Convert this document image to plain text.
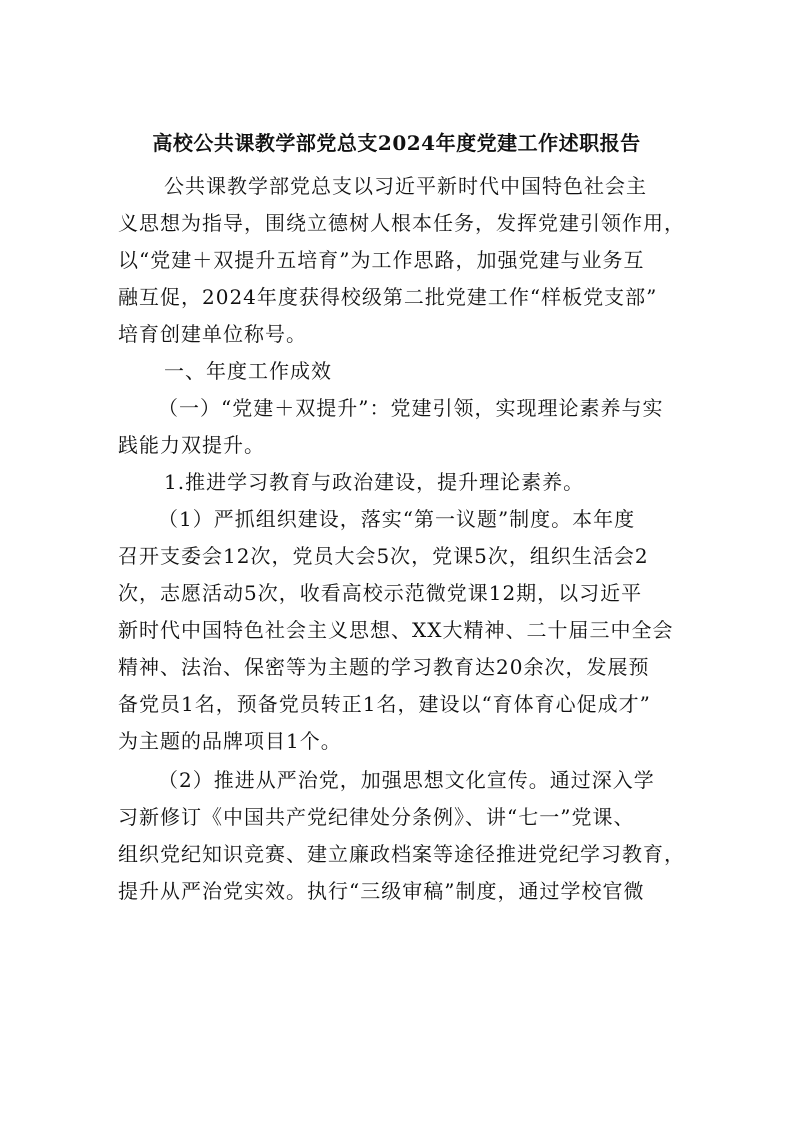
高校公共课教学部党总支2024年度党建工作述职报告
公共课教学部党总支以习近平新时代中国特色社会主
义思想为指导，围绕立德树人根本任务，发挥党建引领作用，
以“党建＋双提升五培育”为工作思路，加强党建与业务互
融互促，2024年度获得校级第二批党建工作“样板党支部”
培育创建单位称号。
一、年度工作成效
（一）“党建＋双提升”：党建引领，实现理论素养与实
践能力双提升。
1.推进学习教育与政治建设，提升理论素养。
（1）严抓组织建设，落实“第一议题”制度。本年度
召开支委会12次，党员大会5次，党课5次，组织生活会2
次，志愿活动5次，收看高校示范微党课12期，以习近平
新时代中国特色社会主义思想、XX大精神、二十届三中全会
精神、法治、保密等为主题的学习教育达20余次，发展预
备党员1名，预备党员转正1名，建设以“育体育心促成才”
为主题的品牌项目1个。
（2）推进从严治党，加强思想文化宣传。通过深入学
习新修订《中国共产党纪律处分条例》、讲“七一”党课、
组织党纪知识竞赛、建立廉政档案等途径推进党纪学习教育，
提升从严治党实效。执行“三级审稿”制度，通过学校官微
